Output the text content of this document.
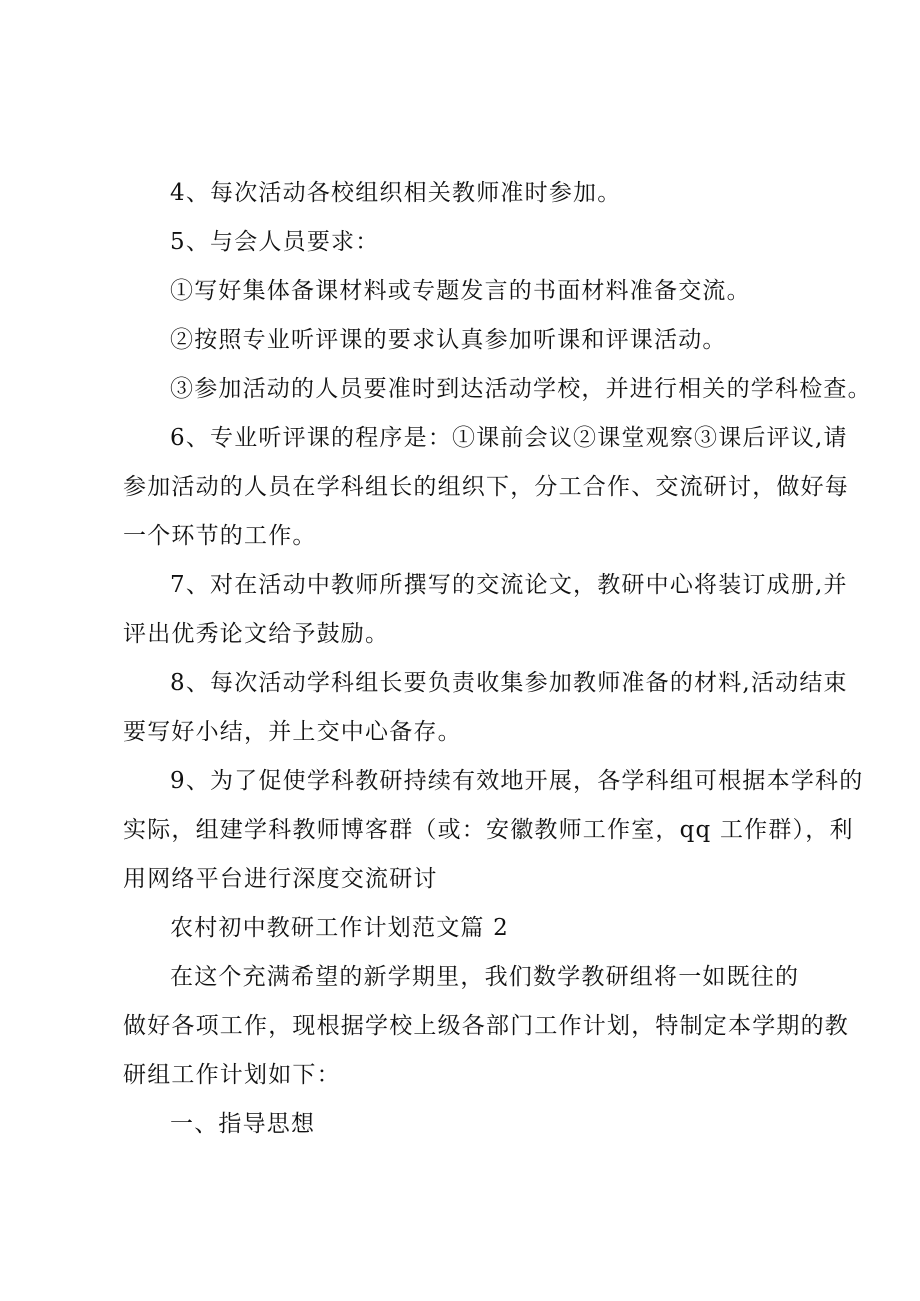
4、每次活动各校组织相关教师准时参加。
5、与会人员要求：
①写好集体备课材料或专题发言的书面材料准备交流。
②按照专业听评课的要求认真参加听课和评课活动。
③参加活动的人员要准时到达活动学校，并进行相关的学科检查。
6、专业听评课的程序是：①课前会议②课堂观察③课后评议,请
参加活动的人员在学科组长的组织下，分工合作、交流研讨，做好每
一个环节的工作。
7、对在活动中教师所撰写的交流论文，教研中心将装订成册,并
评出优秀论文给予鼓励。
8、每次活动学科组长要负责收集参加教师准备的材料,活动结束
要写好小结，并上交中心备存。
9、为了促使学科教研持续有效地开展，各学科组可根据本学科的
实际，组建学科教师博客群（或：安徽教师工作室，qq 工作群），利
用网络平台进行深度交流研讨
农村初中教研工作计划范文篇 2
在这个充满希望的新学期里，我们数学教研组将一如既往的
做好各项工作，现根据学校上级各部门工作计划，特制定本学期的教
研组工作计划如下：
一、指导思想
